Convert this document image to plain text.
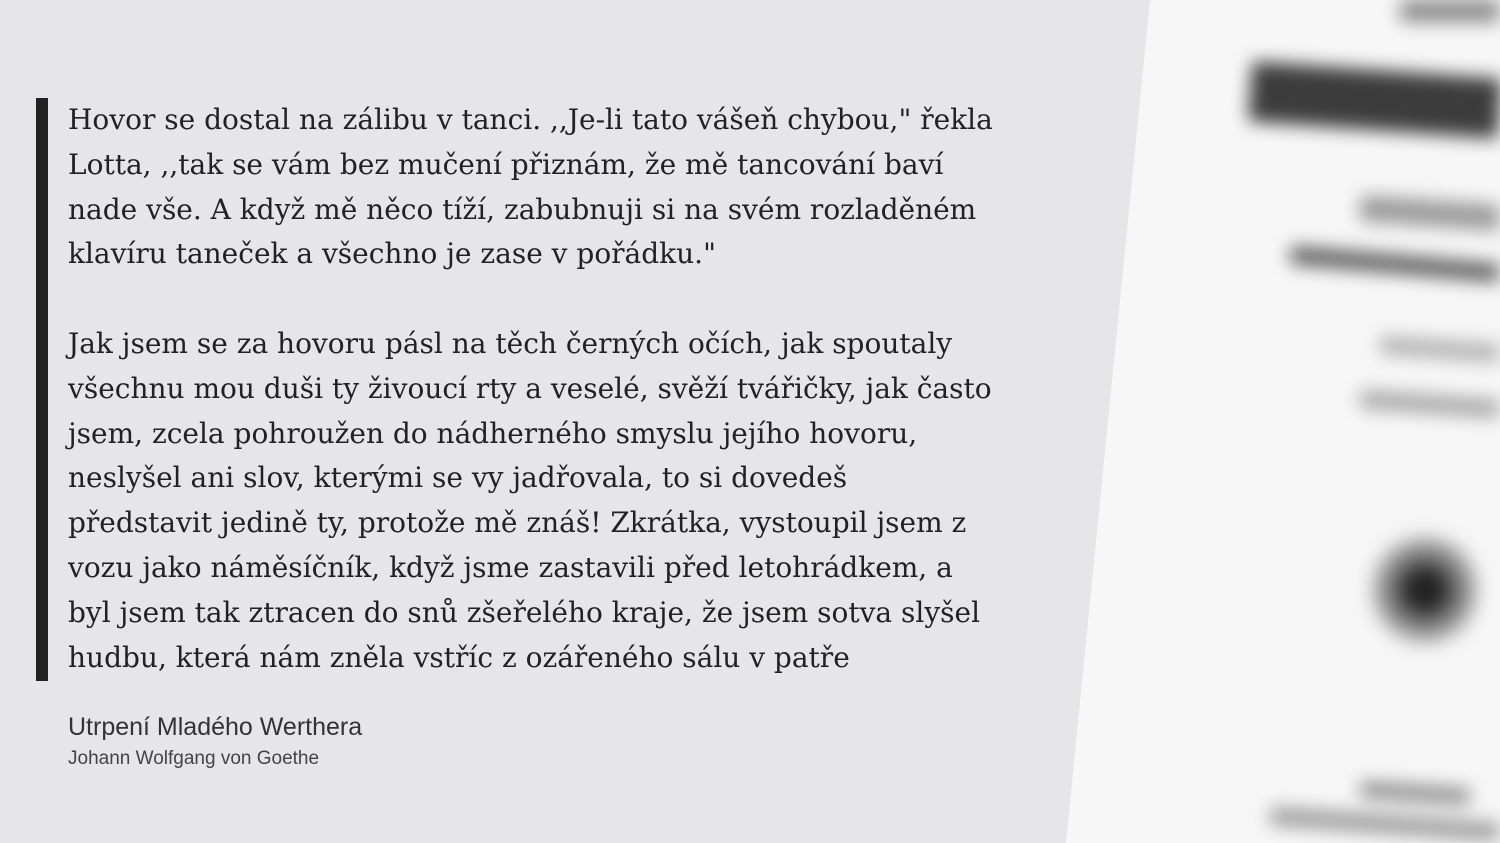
Hovor se dostal na zálibu v tanci. ,,Je-li tato vášeň chybou," řekla Lotta, ,,tak se vám bez mučení přiznám, že mě tancování baví nade vše. A když mě něco tíží, zabubnuji si na svém rozladěném klavíru taneček a všechno je zase v pořádku."

Jak jsem se za hovoru pásl na těch černých očích, jak spoutaly všechnu mou duši ty živoucí rty a veselé, svěží tvářičky, jak často jsem, zcela pohroužen do nádherného smyslu jejího hovoru, neslyšel ani slov, kterými se vy jadřovala, to si dovedeš představit jedině ty, protože mě znáš! Zkrátka, vystoupil jsem z vozu jako náměsíčník, když jsme zastavili před letohrádkem, a byl jsem tak ztracen do snů zšeřelého kraje, že jsem sotva slyšel hudbu, která nám zněla vstříc z ozářeného sálu v patře

Utrpení Mladého Werthera
Johann Wolfgang von Goethe
